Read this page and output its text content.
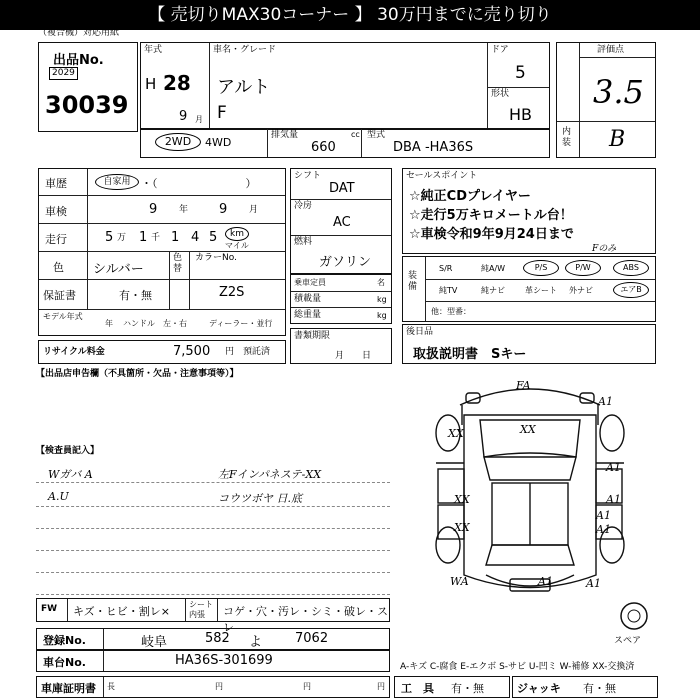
【 売切りMAX30コーナー 】 30万円までに売り切り
（複合機）対応用紙
出品No.
2029
30039
年式
H 28
9 月
車名・グレード
アルト
F
ドア
5
形状
HB
評価点
3.5
内装 B
2WD	4WD
排気量	cc
660
型式
DBA -HA36S
車歴	自家用 ・（　　　　　　　　）
車検	9 年 9 月
走行	5 万 1 千 1 4 5	km
マイル
色 シルバー
色替
カラーNo.
Z2S
保証書	有・無
モデル年式
年 ハンドル　左・右	ディーラー・並行
リサイクル料金	7,500 円 預託済
シフト
DAT
冷房
AC
燃料
ガソリン
乗車定員	名
積載量	kg
総重量	kg
書類期限
月　　日
セールスポイント
☆純正CDプレイヤー
☆走行5万キロメートル台！
☆車検令和9年9月24日まで
装備
S/R	純A/W	P/S	P/W	ABS
純TV	純ナビ	革シート 外ナビ	エアB
他：型番：
Fのみ
後日品
取扱説明書　Sキー
【出品店申告欄（不具箇所・欠品・注意事項等）】
【検査員記入】
Wガバ A
A.U
左Fインパネステ-XX
コウツボヤ 日.底
FA
A1
XX	XX
A1
XX	A1
A1
XX	A1
WA	A1	A1
スペア
FW キズ・ヒビ・割レ×
シート内張	コゲ・穴・汚レ・シミ・破レ・スレ
登録No.	岐阜	582 よ	7062
車台No.	HA36S-301699	A-キズ C-腐食 E-エクボ S-サビ U-凹ミ W-補修 XX-交換済
車庫証明書 長	円	円	円 工　具 有・無	ジャッキ 有・無
